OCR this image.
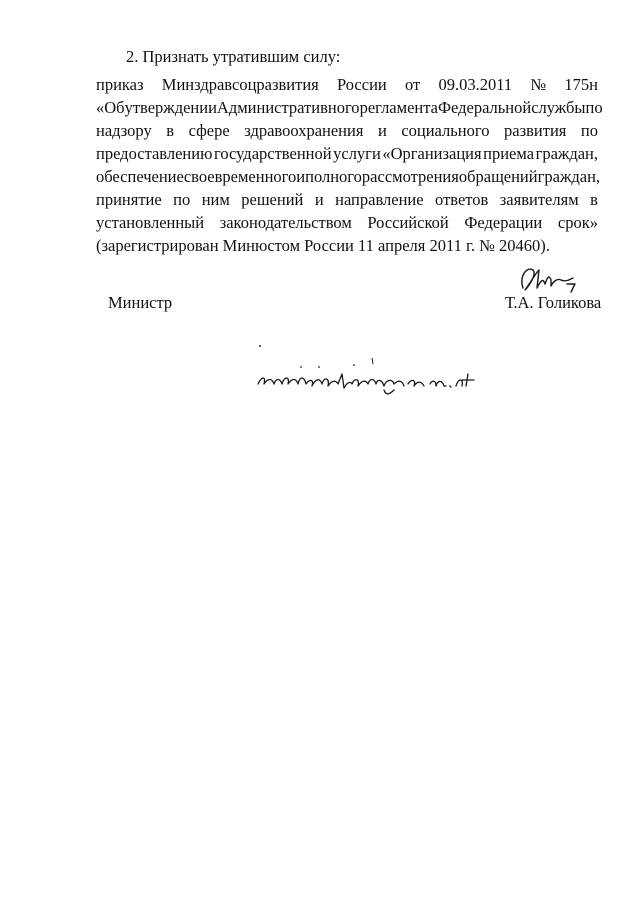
2. Признать утратившим силу:
приказ Минздравсоцразвития России от 09.03.2011 № 175н
«Об утверждении Административного регламента Федеральной службы по
надзору в сфере здравоохранения и социального развития по
предоставлению государственной услуги «Организация приема граждан,
обеспечение своевременного и полного рассмотрения обращений граждан,
принятие по ним решений и направление ответов заявителям в
установленный законодательством Российской Федерации срок»
(зарегистрирован Минюстом России 11 апреля 2011 г. № 20460).
Министр	Т.А. Голикова
